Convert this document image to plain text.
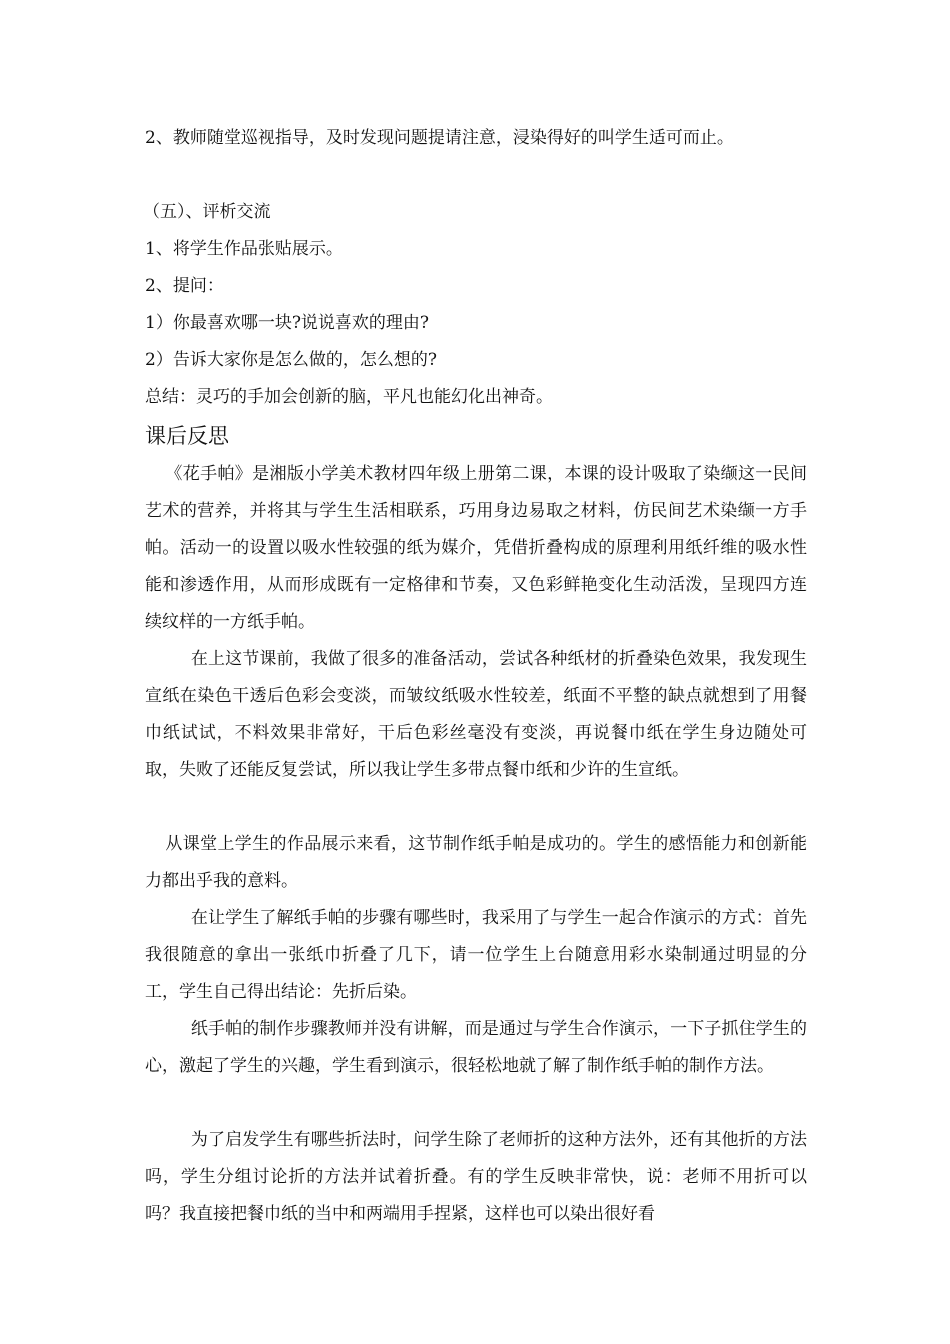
2、教师随堂巡视指导，及时发现问题提请注意，浸染得好的叫学生适可而止。
（五）、评析交流
1、将学生作品张贴展示。
2、提问：
1）你最喜欢哪一块?说说喜欢的理由?
2）告诉大家你是怎么做的，怎么想的?
总结：灵巧的手加会创新的脑，平凡也能幻化出神奇。
课后反思
《花手帕》是湘版小学美术教材四年级上册第二课，本课的设计吸取了染缬这一民间艺术的营养，并将其与学生生活相联系，巧用身边易取之材料，仿民间艺术染缬一方手帕。活动一的设置以吸水性较强的纸为媒介，凭借折叠构成的原理利用纸纤维的吸水性能和渗透作用，从而形成既有一定格律和节奏，又色彩鲜艳变化生动活泼，呈现四方连续纹样的一方纸手帕。
在上这节课前，我做了很多的准备活动，尝试各种纸材的折叠染色效果，我发现生宣纸在染色干透后色彩会变淡，而皱纹纸吸水性较差，纸面不平整的缺点就想到了用餐巾纸试试，不料效果非常好，干后色彩丝毫没有变淡，再说餐巾纸在学生身边随处可取，失败了还能反复尝试，所以我让学生多带点餐巾纸和少许的生宣纸。
从课堂上学生的作品展示来看，这节制作纸手帕是成功的。学生的感悟能力和创新能力都出乎我的意料。
在让学生了解纸手帕的步骤有哪些时，我采用了与学生一起合作演示的方式：首先我很随意的拿出一张纸巾折叠了几下，请一位学生上台随意用彩水染制通过明显的分工，学生自己得出结论：先折后染。
纸手帕的制作步骤教师并没有讲解，而是通过与学生合作演示，一下子抓住学生的心，激起了学生的兴趣，学生看到演示，很轻松地就了解了制作纸手帕的制作方法。
为了启发学生有哪些折法时，问学生除了老师折的这种方法外，还有其他折的方法吗，学生分组讨论折的方法并试着折叠。有的学生反映非常快，说：老师不用折可以吗？我直接把餐巾纸的当中和两端用手捏紧，这样也可以染出很好看
